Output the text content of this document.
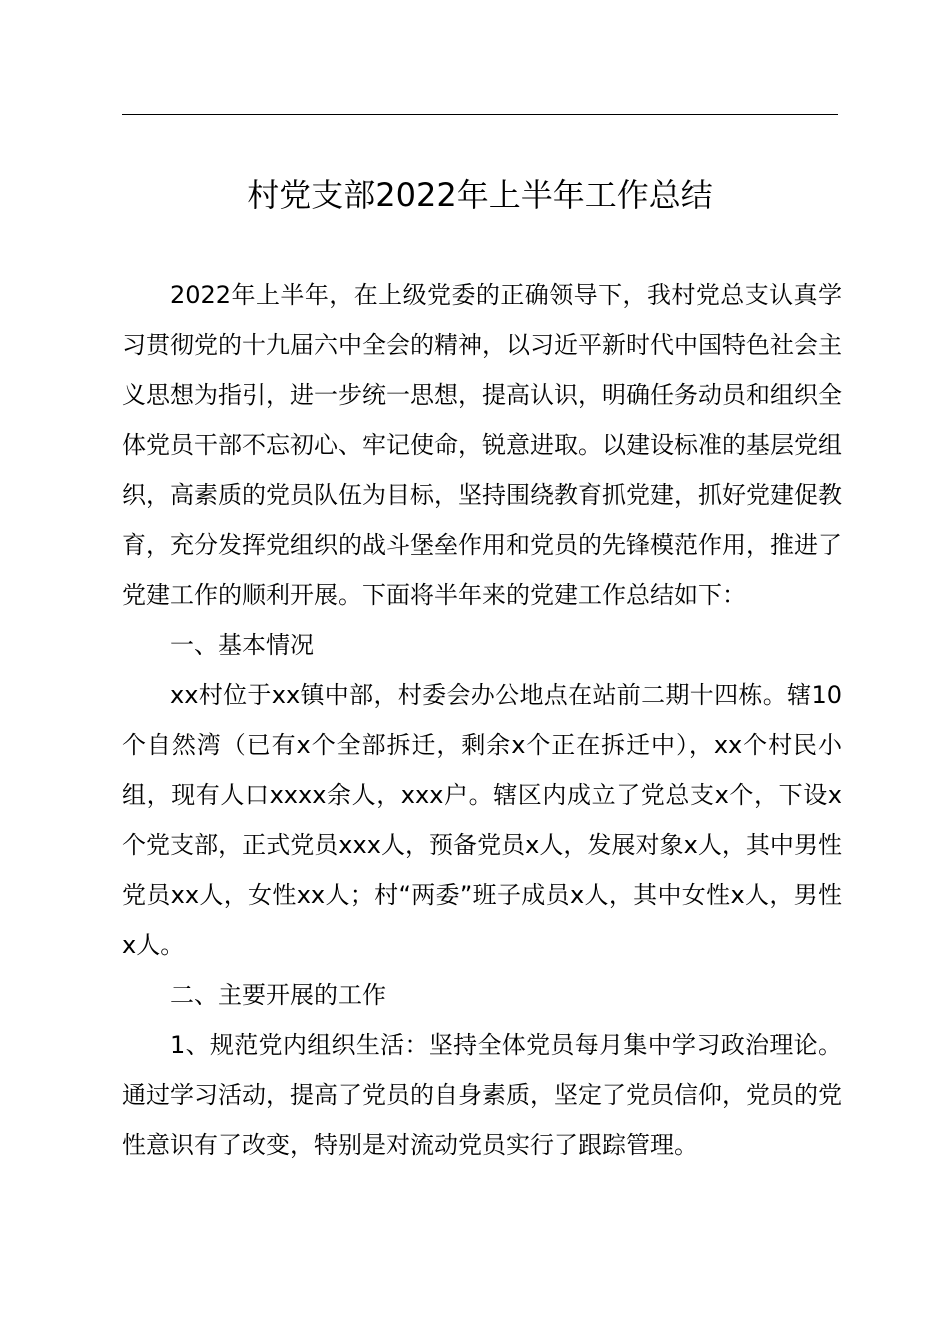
村党支部2022年上半年工作总结

2022年上半年，在上级党委的正确领导下，我村党总支认真学习贯彻党的十九届六中全会的精神，以习近平新时代中国特色社会主义思想为指引，进一步统一思想，提高认识，明确任务动员和组织全体党员干部不忘初心、牢记使命，锐意进取。以建设标准的基层党组织，高素质的党员队伍为目标，坚持围绕教育抓党建，抓好党建促教育，充分发挥党组织的战斗堡垒作用和党员的先锋模范作用，推进了党建工作的顺利开展。下面将半年来的党建工作总结如下：

一、基本情况

xx村位于xx镇中部，村委会办公地点在站前二期十四栋。辖10个自然湾（已有x个全部拆迁，剩余x个正在拆迁中），xx个村民小组，现有人口xxxx余人，xxx户。辖区内成立了党总支x个，下设x个党支部，正式党员xxx人，预备党员x人，发展对象x人，其中男性党员xx人，女性xx人；村“两委”班子成员x人，其中女性x人，男性x人。

二、主要开展的工作

1、规范党内组织生活：坚持全体党员每月集中学习政治理论。通过学习活动，提高了党员的自身素质，坚定了党员信仰，党员的党性意识有了改变，特别是对流动党员实行了跟踪管理。
